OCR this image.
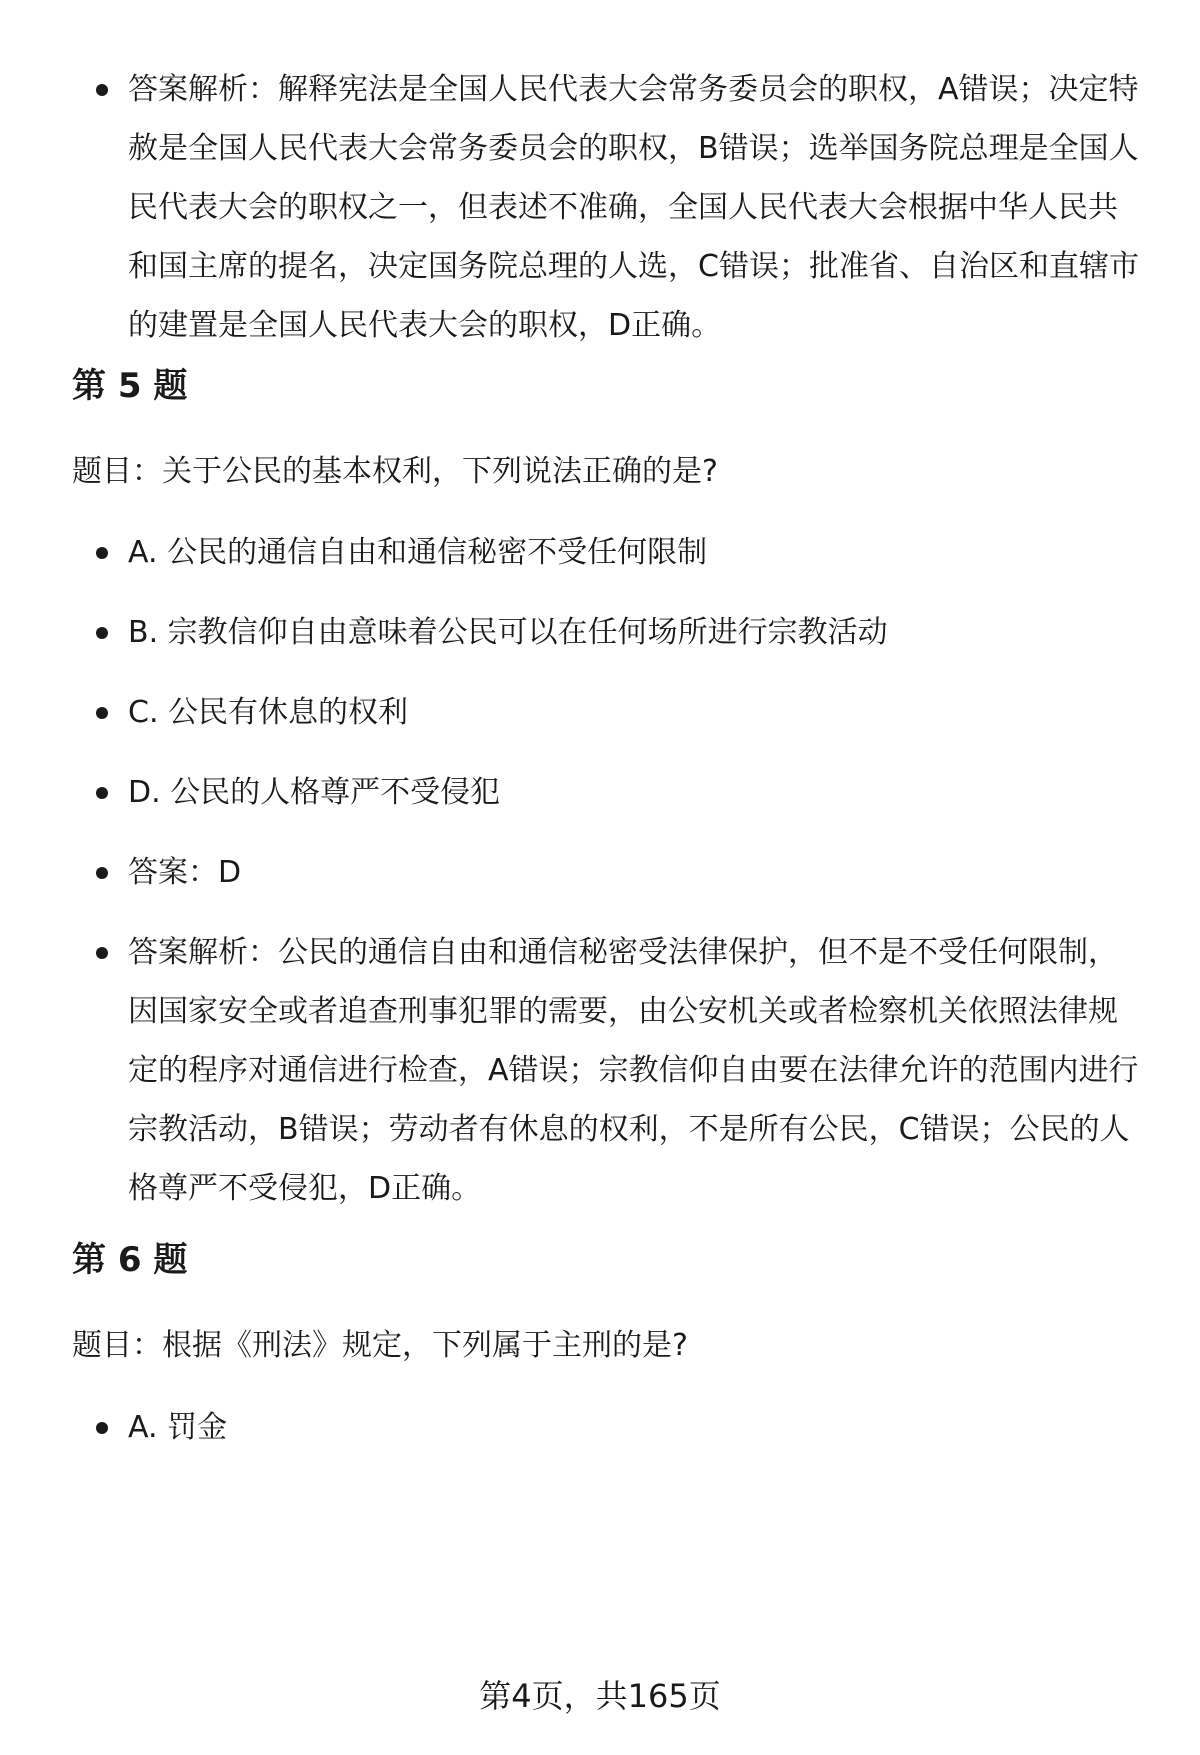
答案解析：解释宪法是全国人民代表大会常务委员会的职权，A错误；决定特赦是全国人民代表大会常务委员会的职权，B错误；选举国务院总理是全国人民代表大会的职权之一，但表述不准确，全国人民代表大会根据中华人民共和国主席的提名，决定国务院总理的人选，C错误；批准省、自治区和直辖市的建置是全国人民代表大会的职权，D正确。
第 5 题

题目：关于公民的基本权利，下列说法正确的是?

A. 公民的通信自由和通信秘密不受任何限制
B. 宗教信仰自由意味着公民可以在任何场所进行宗教活动
C. 公民有休息的权利
D. 公民的人格尊严不受侵犯
答案：D
答案解析：公民的通信自由和通信秘密受法律保护，但不是不受任何限制，因国家安全或者追查刑事犯罪的需要，由公安机关或者检察机关依照法律规定的程序对通信进行检查，A错误；宗教信仰自由要在法律允许的范围内进行宗教活动，B错误；劳动者有休息的权利，不是所有公民，C错误；公民的人格尊严不受侵犯，D正确。
第 6 题

题目：根据《刑法》规定，下列属于主刑的是?

A. 罚金
第4页，共165页
